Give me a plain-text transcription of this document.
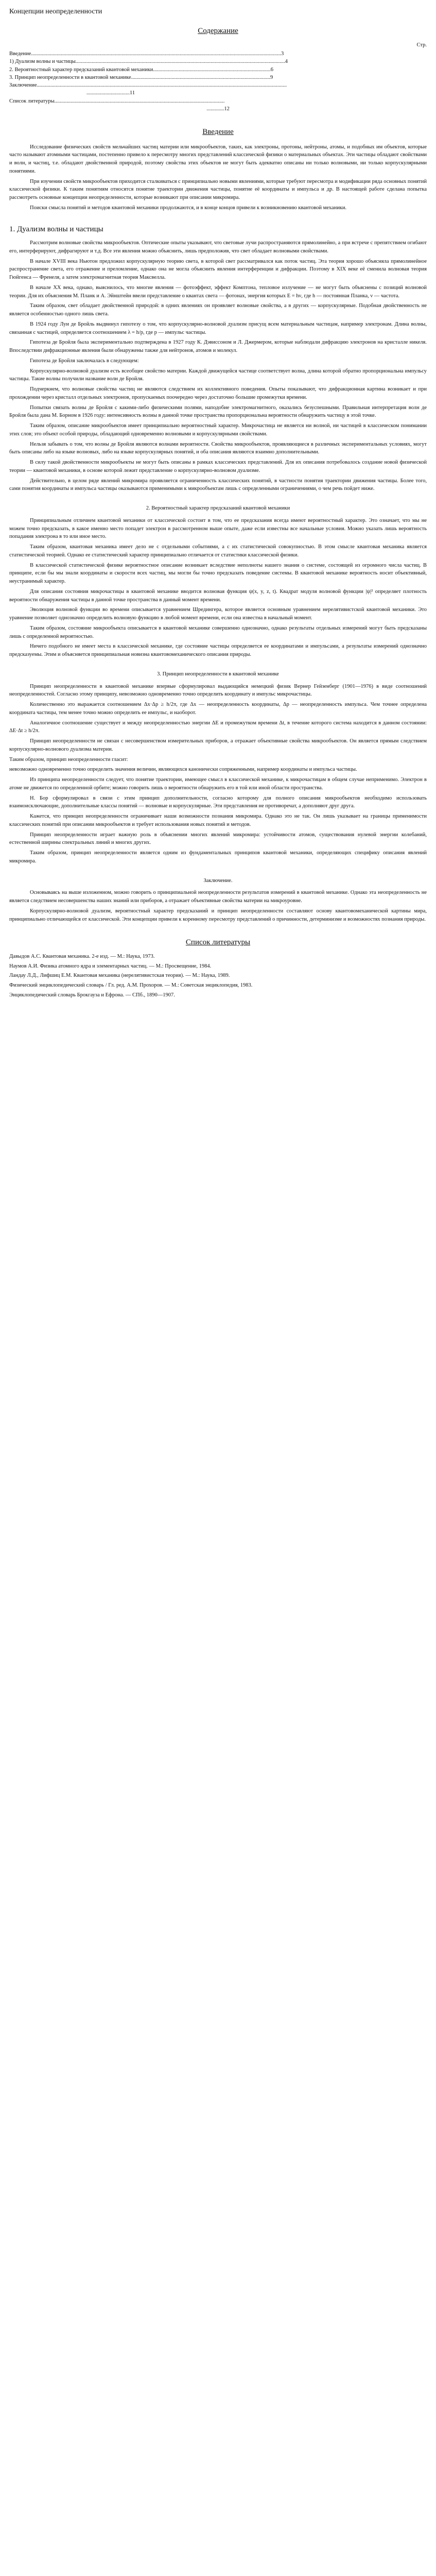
Концепции неопределенности
Содержание
Стр.
Введение.........................................................................................................................................................................................3
1) Дуализм волны и частицы...........................................................................................................................................................4
2. Вероятностный характер предсказаний квантовой механики.......................................................................................6
3. Принцип неопределенности в квантовой механике.......................................................................................................9
Заключение.........................................................................................................................................................................................
................................11
Список литературы..............................................................................................................................
.............12
Введение

Исследование физических свойств мельчайших частиц материи или микрообъектов, таких, как электроны, протоны, нейтроны, атомы, и подобных им объектов, которые часто называют атомными частицами, постепенно привело к пересмотру многих представлений классической физики о материальных объектах. Эти частицы обладают свойствами и волн, и частиц, т.е. обладают двойственной природой, поэтому свойства этих объектов не могут быть адекватно описаны ни только волновыми, ни только корпускулярными понятиями.

При изучении свойств микрообъектов приходится сталкиваться с принципиально новыми явлениями, которые требуют пересмотра и модификации ряда основных понятий классической физики. К таким понятиям относятся понятие траектории движения частицы, понятие её координаты и импульса и др. В настоящей работе сделана попытка рассмотреть основные концепции неопределенности, которые возникают при описании микромира.

Поиски смысла понятий и методов квантовой механики продолжаются, и в конце концов привели к возникновению квантовой механики.

1. Дуализм волны и частицы

Рассмотрим волновые свойства микрообъектов. Оптические опыты указывают, что световые лучи распространяются прямолинейно, а при встрече с препятствием огибают его, интерферируют, дифрагируют и т.д. Все эти явления можно объяснить, лишь предположив, что свет обладает волновыми свойствами.

В начале XVIII века Ньютон предложил корпускулярную теорию света, в которой свет рассматривался как поток частиц. Эта теория хорошо объясняла прямолинейное распространение света, его отражение и преломление, однако она не могла объяснить явления интерференции и дифракции. Поэтому в XIX веке её сменила волновая теория Гюйгенса — Френеля, а затем электромагнитная теория Максвелла.

В начале XX века, однако, выяснилось, что многие явления — фотоэффект, эффект Комптона, тепловое излучение — не могут быть объяснены с позиций волновой теории. Для их объяснения М. Планк и А. Эйнштейн ввели представление о квантах света — фотонах, энергия которых E = hν, где h — постоянная Планка, ν — частота.

Таким образом, свет обладает двойственной природой: в одних явлениях он проявляет волновые свойства, а в других — корпускулярные. Подобная двойственность не является особенностью одного лишь света.

В 1924 году Луи де Бройль выдвинул гипотезу о том, что корпускулярно-волновой дуализм присущ всем материальным частицам, например электронам. Длина волны, связанная с частицей, определяется соотношением λ = h/p, где p — импульс частицы.

Гипотеза де Бройля была экспериментально подтверждена в 1927 году К. Дэвиссоном и Л. Джермером, которые наблюдали дифракцию электронов на кристалле никеля. Впоследствии дифракционные явления были обнаружены также для нейтронов, атомов и молекул.

Гипотеза де Бройля заключалась в следующем:

Корпускулярно-волновой дуализм есть всеобщее свойство материи. Каждой движущейся частице соответствует волна, длина которой обратно пропорциональна импульсу частицы. Такие волны получили название волн де Бройля.

Подчеркнем, что волновые свойства частиц не являются следствием их коллективного поведения. Опыты показывают, что дифракционная картина возникает и при прохождении через кристалл отдельных электронов, пропускаемых поочередно через достаточно большие промежутки времени.

Попытки связать волны де Бройля с какими-либо физическими полями, наподобие электромагнитного, оказались безуспешными. Правильная интерпретация волн де Бройля была дана М. Борном в 1926 году: интенсивность волны в данной точке пространства пропорциональна вероятности обнаружить частицу в этой точке.

Таким образом, описание микрообъектов имеет принципиально вероятностный характер. Микрочастица не является ни волной, ни частицей в классическом понимании этих слов; это объект особой природы, обладающий одновременно волновыми и корпускулярными свойствами.

Нельзя забывать о том, что волны де Бройля являются волнами вероятности. Свойства микрообъектов, проявляющиеся в различных экспериментальных условиях, могут быть описаны либо на языке волновых, либо на языке корпускулярных понятий, и оба описания являются взаимно дополнительными.

В силу такой двойственности микрообъекты не могут быть описаны в рамках классических представлений. Для их описания потребовалось создание новой физической теории — квантовой механики, в основе которой лежит представление о корпускулярно-волновом дуализме.

Действительно, в целом ряде явлений микромира проявляется ограниченность классических понятий, в частности понятия траектории движения частицы. Более того, сами понятия координаты и импульса частицы оказываются применимыми к микрообъектам лишь с определенными ограничениями, о чем речь пойдет ниже.

2. Вероятностный характер предсказаний квантовой механики

Принципиальным отличием квантовой механики от классической состоит в том, что ее предсказания всегда имеют вероятностный характер. Это означает, что мы не можем точно предсказать, в какое именно место попадет электрон в рассмотренном выше опыте, даже если известны все начальные условия. Можно указать лишь вероятность попадания электрона в то или иное место.

Таким образом, квантовая механика имеет дело не с отдельными событиями, а с их статистической совокупностью. В этом смысле квантовая механика является статистической теорией. Однако ее статистический характер принципиально отличается от статистики классической физики.

В классической статистической физике вероятностное описание возникает вследствие неполноты нашего знания о системе, состоящей из огромного числа частиц. В принципе, если бы мы знали координаты и скорости всех частиц, мы могли бы точно предсказать поведение системы. В квантовой механике вероятность носит объективный, неустранимый характер.

Для описания состояния микрочастицы в квантовой механике вводится волновая функция ψ(x, y, z, t). Квадрат модуля волновой функции |ψ|² определяет плотность вероятности обнаружения частицы в данной точке пространства в данный момент времени.

Эволюция волновой функции во времени описывается уравнением Шредингера, которое является основным уравнением нерелятивистской квантовой механики. Это уравнение позволяет однозначно определить волновую функцию в любой момент времени, если она известна в начальный момент.

Таким образом, состояние микрообъекта описывается в квантовой механике совершенно однозначно, однако результаты отдельных измерений могут быть предсказаны лишь с определенной вероятностью.

Ничего подобного не имеет места в классической механике, где состояние частицы определяется ее координатами и импульсами, а результаты измерений однозначно предсказуемы. Этим и объясняется принципиальная новизна квантовомеханического описания природы.

3. Принцип неопределенности в квантовой механике

Принцип неопределенности в квантовой механике впервые сформулировал выдающийся немецкий физик Вернер Гейзенберг (1901—1976) в виде соотношений неопределенностей. Согласно этому принципу, невозможно одновременно точно определить координату и импульс микрочастицы.

Количественно это выражается соотношением Δx·Δp ≥ h/2π, где Δx — неопределенность координаты, Δp — неопределенность импульса. Чем точнее определена координата частицы, тем менее точно можно определить ее импульс, и наоборот.

Аналогичное соотношение существует и между неопределенностью энергии ΔE и промежутком времени Δt, в течение которого система находится в данном состоянии: ΔE·Δt ≥ h/2π.

Принцип неопределенности не связан с несовершенством измерительных приборов, а отражает объективные свойства микрообъектов. Он является прямым следствием корпускулярно-волнового дуализма материи.

Таким образом, принцип неопределенности гласит:

невозможно одновременно точно определить значения величин, являющихся канонически сопряженными, например координаты и импульса частицы.

Из принципа неопределенности следует, что понятие траектории, имеющее смысл в классической механике, к микрочастицам в общем случае неприменимо. Электрон в атоме не движется по определенной орбите; можно говорить лишь о вероятности обнаружить его в той или иной области пространства.

Н. Бор сформулировал в связи с этим принцип дополнительности, согласно которому для полного описания микрообъектов необходимо использовать взаимоисключающие, дополнительные классы понятий — волновые и корпускулярные. Эти представления не противоречат, а дополняют друг друга.

Кажется, что принцип неопределенности ограничивает наши возможности познания микромира. Однако это не так. Он лишь указывает на границы применимости классических понятий при описании микрообъектов и требует использования новых понятий и методов.

Принцип неопределенности играет важную роль в объяснении многих явлений микромира: устойчивости атомов, существования нулевой энергии колебаний, естественной ширины спектральных линий и многих других.

Таким образом, принцип неопределенности является одним из фундаментальных принципов квантовой механики, определяющих специфику описания явлений микромира.

Заключение.

Основываясь на выше изложенном, можно говорить о принципиальной неопределенности результатов измерений в квантовой механике. Однако эта неопределенность не является следствием несовершенства наших знаний или приборов, а отражает объективные свойства материи на микроуровне.

Корпускулярно-волновой дуализм, вероятностный характер предсказаний и принцип неопределенности составляют основу квантовомеханической картины мира, принципиально отличающейся от классической. Эти концепции привели к коренному пересмотру представлений о причинности, детерминизме и возможностях познания природы.

Список литературы

Давыдов А.С. Квантовая механика. 2-е изд. — М.: Наука, 1973.

Наумов А.И. Физика атомного ядра и элементарных частиц. — М.: Просвещение, 1984.

Ландау Л.Д., Лифшиц Е.М. Квантовая механика (нерелятивистская теория). — М.: Наука, 1989.

Физический энциклопедический словарь / Гл. ред. А.М. Прохоров. — М.: Советская энциклопедия, 1983.

Энциклопедический словарь Брокгауза и Ефрона. — СПб., 1890—1907.
